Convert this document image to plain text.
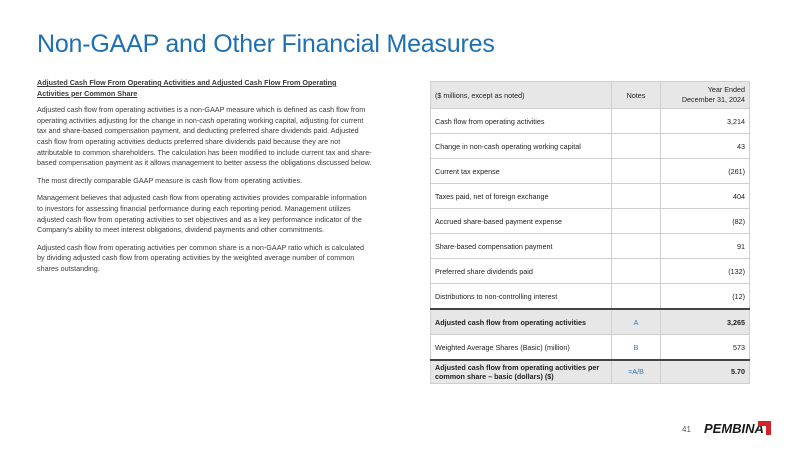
Non-GAAP and Other Financial Measures
Adjusted Cash Flow From Operating Activities and Adjusted Cash Flow From Operating
Activities per Common Share

Adjusted cash flow from operating activities is a non-GAAP measure which is defined as cash flow from operating activities adjusting for the change in non-cash operating working capital, adjusting for current tax and share-based compensation payment, and deducting preferred share dividends paid. Adjusted cash flow from operating activities deducts preferred share dividends paid because they are not attributable to common shareholders. The calculation has been modified to include current tax and share-based compensation payment as it allows management to better assess the obligations discussed below.

The most directly comparable GAAP measure is cash flow from operating activities.

Management believes that adjusted cash flow from operating activities provides comparable information to investors for assessing financial performance during each reporting period. Management utilizes adjusted cash flow from operating activities to set objectives and as a key performance indicator of the Company's ability to meet interest obligations, dividend payments and other commitments.

Adjusted cash flow from operating activities per common share is a non-GAAP ratio which is calculated by dividing adjusted cash flow from operating activities by the weighted average number of common shares outstanding.

($ millions, except as noted)	Notes	Year Ended
December 31, 2024
Cash flow from operating activities		3,214
Change in non-cash operating working capital		43
Current tax expense		(261)
Taxes paid, net of foreign exchange		404
Accrued share-based payment expense		(82)
Share-based compensation payment		91
Preferred share dividends paid		(132)
Distributions to non-controlling interest		(12)
Adjusted cash flow from operating activities	A	3,265
Weighted Average Shares (Basic) (million)	B	573
Adjusted cash flow from operating activities per common share – basic (dollars) ($)	=A/B	5.70
41 PEMBINA
